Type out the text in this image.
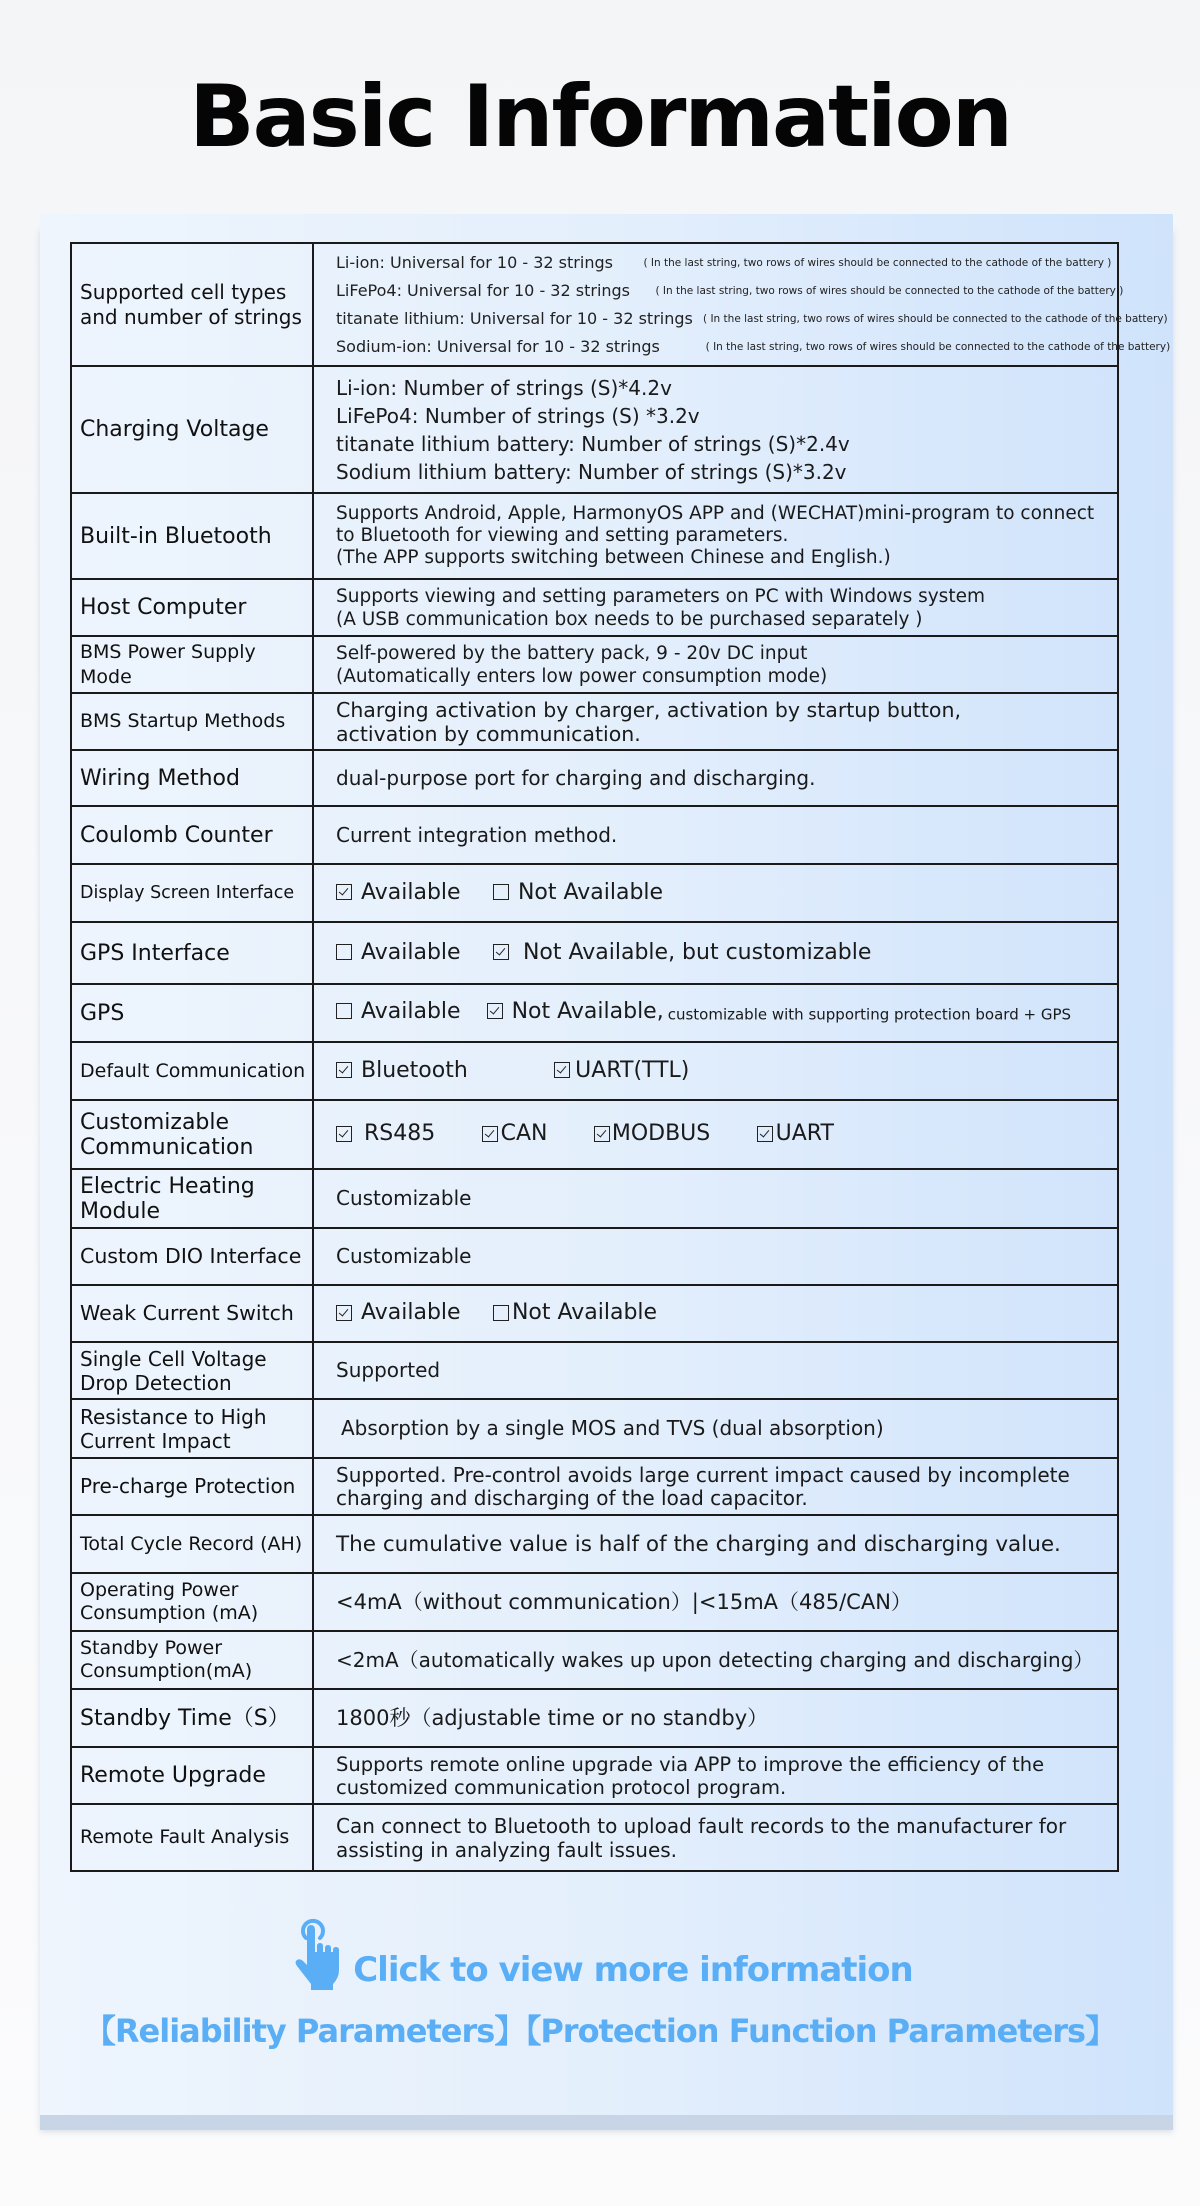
Basic Information
Supported cell types and number of strings	Li-ion: Universal for 10 - 32 strings ( In the last string, two rows of wires should be connected to the cathode of the battery )
LiFePo4: Universal for 10 - 32 strings ( In the last string, two rows of wires should be connected to the cathode of the battery )
titanate lithium: Universal for 10 - 32 strings ( In the last string, two rows of wires should be connected to the cathode of the battery)
Sodium-ion: Universal for 10 - 32 strings ( In the last string, two rows of wires should be connected to the cathode of the battery)

Charging Voltage	Li-ion: Number of strings (S)*4.2v
LiFePo4: Number of strings (S) *3.2v
titanate lithium battery: Number of strings (S)*2.4v
Sodium lithium battery: Number of strings (S)*3.2v

Built-in Bluetooth	Supports Android, Apple, HarmonyOS APP and (WECHAT)mini-program to connect
to Bluetooth for viewing and setting parameters.
(The APP supports switching between Chinese and English.)

Host Computer	Supports viewing and setting parameters on PC with Windows system
(A USB communication box needs to be purchased separately )

BMS Power Supply Mode	Self-powered by the battery pack, 9 - 20v DC input
(Automatically enters low power consumption mode)

BMS Startup Methods	Charging activation by charger, activation by startup button,
activation by communication.

Wiring Method	dual-purpose port for charging and discharging.
Coulomb Counter	Current integration method.
Display Screen Interface	Available
Not Available

GPS Interface	Available
Not Available, but customizable

GPS	Available Not Available, customizable with supporting protection board + GPS
Default Communication	Bluetooth
UART(TTL)

Customizable Communication	RS485
CAN
MODBUS
UART

Electric Heating Module	Customizable
Custom DIO Interface	Customizable
Weak Current Switch	Available
Not Available

Single Cell Voltage Drop Detection	Supported
Resistance to High Current Impact	Absorption by a single MOS and TVS (dual absorption)
Pre-charge Protection	Supported. Pre-control avoids large current impact caused by incomplete
charging and discharging of the load capacitor.

Total Cycle Record (AH)	The cumulative value is half of the charging and discharging value.
Operating Power Consumption (mA)	<4mA（without communication）|<15mA（485/CAN）
Standby Power Consumption(mA)	<2mA（automatically wakes up upon detecting charging and discharging）
Standby Time（S）	1800秒（adjustable time or no standby）
Remote Upgrade	Supports remote online upgrade via APP to improve the efficiency of the
customized communication protocol program.

Remote Fault Analysis	Can connect to Bluetooth to upload fault records to the manufacturer for
assisting in analyzing fault issues.
Click to view more information
【Reliability Parameters】【Protection Function Parameters】
